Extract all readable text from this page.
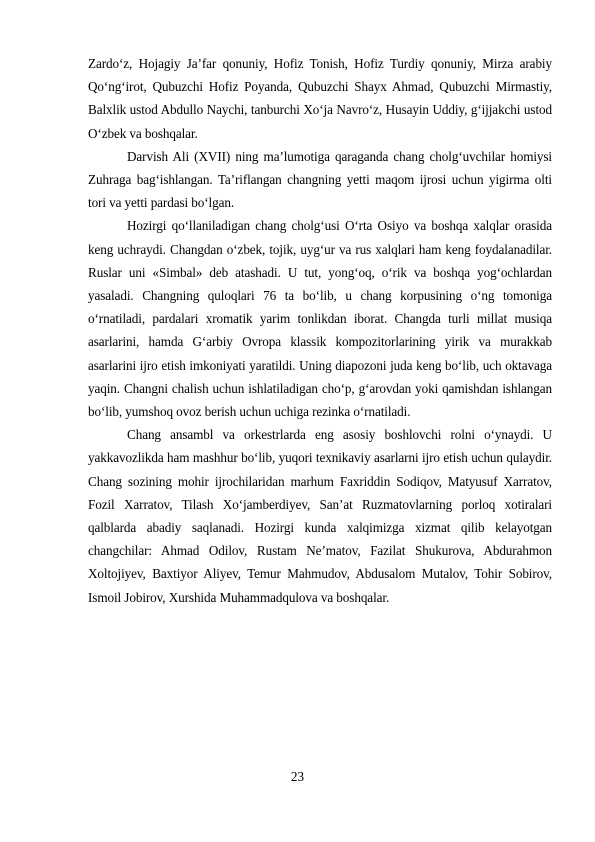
Zardo‘z, Hojagiy Ja’far qonuniy, Hofiz Tonish, Hofiz Turdiy qonuniy, Mirza arabiy Qo‘ng‘irot, Qubuzchi Hofiz Poyanda, Qubuzchi Shayx Ahmad, Qubuzchi Mirmastiy, Balxlik ustod Abdullo Naychi, tanburchi Xo‘ja Navro‘z, Husayin Uddiy, g‘ijjakchi ustod O‘zbek va boshqalar.

Darvish Ali (XVII) ning ma’lumotiga qaraganda chang cholg‘uvchilar homiysi Zuhraga bag‘ishlangan. Ta’riflangan changning yetti maqom ijrosi uchun yigirma olti tori va yetti pardasi bo‘lgan.

Hozirgi qo‘llaniladigan chang cholg‘usi O‘rta Osiyo va boshqa xalqlar orasida keng uchraydi. Changdan o‘zbek, tojik, uyg‘ur va rus xalqlari ham keng foydalanadilar. Ruslar uni «Simbal» deb atashadi. U tut, yong‘oq, o‘rik va boshqa yog‘ochlardan yasaladi. Changning quloqlari 76 ta bo‘lib, u chang korpusining o‘ng tomoniga o‘rnatiladi, pardalari xromatik yarim tonlikdan iborat. Changda turli millat musiqa asarlarini, hamda G‘arbiy Ovropa klassik kompozitorlarining yirik va murakkab asarlarini ijro etish imkoniyati yaratildi. Uning diapozoni juda keng bo‘lib, uch oktavaga yaqin. Changni chalish uchun ishlatiladigan cho‘p, g‘arovdan yoki qamishdan ishlangan bo‘lib, yumshoq ovoz berish uchun uchiga rezinka o‘rnatiladi.

Chang ansambl va orkestrlarda eng asosiy boshlovchi rolni o‘ynaydi. U yakkavozlikda ham mashhur bo‘lib, yuqori texnikaviy asarlarni ijro etish uchun qulaydir. Chang sozining mohir ijrochilaridan marhum Faxriddin Sodiqov, Matyusuf Xarratov, Fozil Xarratov, Tilash Xo‘jamberdiyev, San’at Ruzmatovlarning porloq xotiralari qalblarda abadiy saqlanadi. Hozirgi kunda xalqimizga xizmat qilib kelayotgan changchilar: Ahmad Odilov, Rustam Ne’matov, Fazilat Shukurova, Abdurahmon Xoltojiyev, Baxtiyor Aliyev, Temur Mahmudov, Abdusalom Mutalov, Tohir Sobirov, Ismoil Jobirov, Xurshida Muhammadqulova va boshqalar.

23
